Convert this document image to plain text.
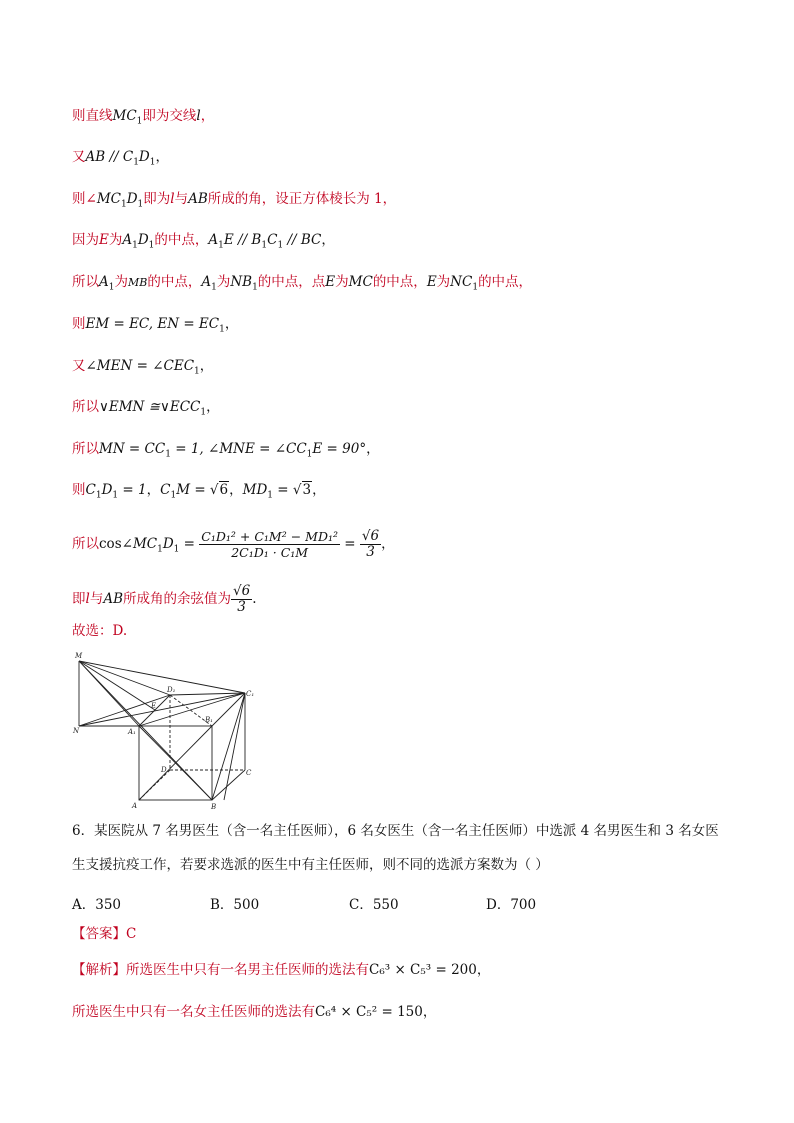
则直线$MC_1$即为交线l，
又AB // $C_1D_1$，
则$\angle MC_1D_1$即为l与AB所成的角，设正方体棱长为 1，
因为E为$A_1D_1$的中点，$A_1E // B_1C_1$ // BC，
所以$A_1$为MB的中点，$A_1$为$NB_1$的中点，点E为MC的中点，E为$NC_1$的中点，
则EM = EC, EN = $EC_1$，
又∠MEN = $\angle CEC_1$，
所以∨EMN $≅\vee ECC_1$，
所以MN = $CC_1 = 1$, ∠MNE = $\angle CC_1E = 90^\circ$，
则$C_1D_1 = 1$，$C_1M = √6$，$MD_1 = √3$，
所以$\cos\angle MC_1D_1 = \frac{\text{C₁D₁² + C₁M² − MD₁²}}{\text{2C₁D₁ · C₁M}} = \frac{√6}{3}$ ，
即l与AB所成角的余弦值为 $\frac{√6}{3}$ .
故选：D.
M
N	A₁
D₁	C₁
B₁
E
D	C
A	B
6．某医院从 7 名男医生（含一名主任医师），6 名女医生（含一名主任医师）中选派 4 名男医生和 3 名女医
生支援抗疫工作，若要求选派的医生中有主任医师，则不同的选派方案数为（ ）
A．350	B．500	C．550	D．700
【答案】C
【解析】所选医生中只有一名男主任医师的选法有C₆³ × C₅³ = 200，
所选医生中只有一名女主任医师的选法有C₆⁴ × C₅² = 150，
